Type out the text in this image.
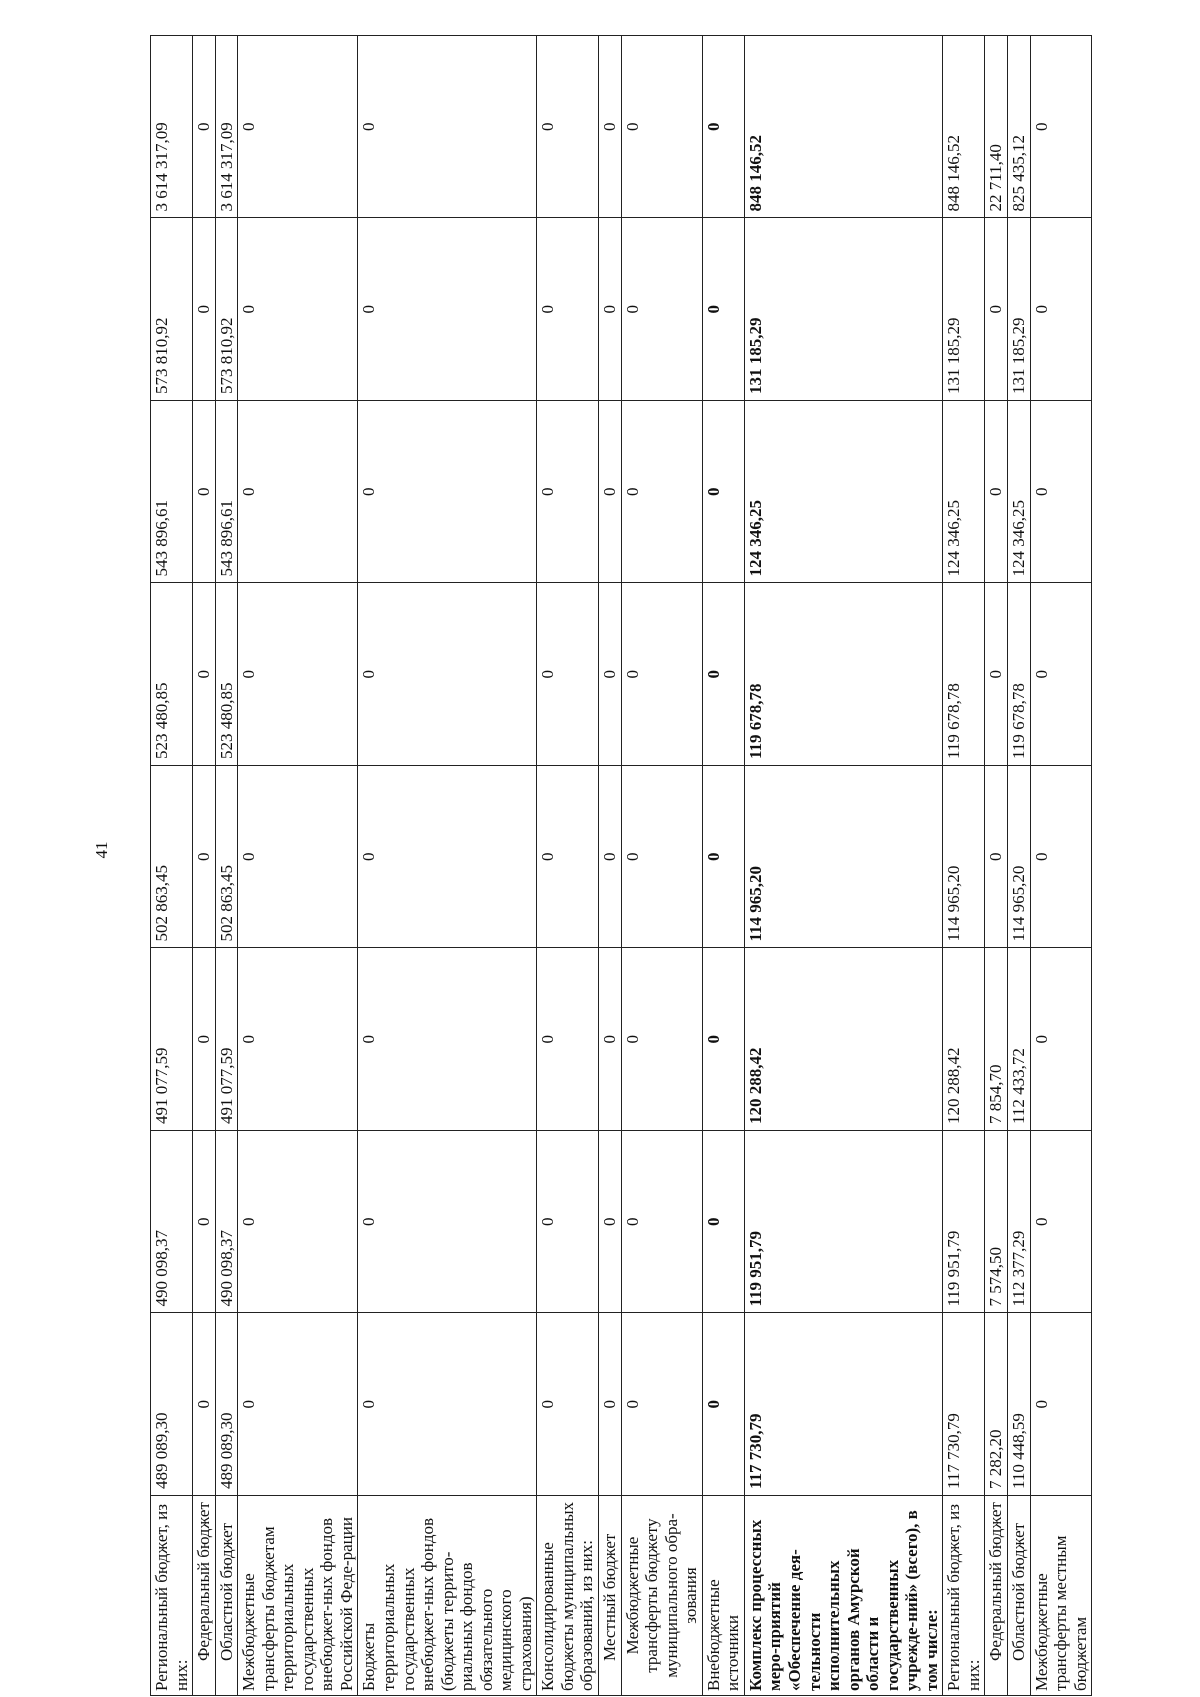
41
Региональный бюджет, из них:	489 089,30	490 098,37	491 077,59	502 863,45	523 480,85	543 896,61	573 810,92	3 614 317,09
Федеральный бюджет	0	0	0	0	0	0	0	0
Областной бюджет	489 089,30	490 098,37	491 077,59	502 863,45	523 480,85	543 896,61	573 810,92	3 614 317,09
Межбюджетные трансферты бюджетам территориальных государственных внебюджет-ных фондов Российской Феде-рации	0	0	0	0	0	0	0	0
Бюджеты территориальных государственных внебюджет-ных фондов (бюджеты террито-риальных фондов обязательного медицинского страхования)	0	0	0	0	0	0	0	0
Консолидированные бюджеты муниципальных образований, из них:	0	0	0	0	0	0	0	0
Местный бюджет	0	0	0	0	0	0	0	0
Межбюджетные трансферты бюджету муниципального обра-зования	0	0	0	0	0	0	0	0
Внебюджетные источники	0	0	0	0	0	0	0	0
Комплекс процессных меро-приятий «Обеспечение дея-тельности исполнительных органов Амурской области и государственных учрежде-ний» (всего), в том числе:	117 730,79	119 951,79	120 288,42	114 965,20	119 678,78	124 346,25	131 185,29	848 146,52
Региональный бюджет, из них:	117 730,79	119 951,79	120 288,42	114 965,20	119 678,78	124 346,25	131 185,29	848 146,52
Федеральный бюджет	7 282,20	7 574,50	7 854,70	0	0	0	0	22 711,40
Областной бюджет	110 448,59	112 377,29	112 433,72	114 965,20	119 678,78	124 346,25	131 185,29	825 435,12
Межбюджетные трансферты местным бюджетам	0	0	0	0	0	0	0	0
